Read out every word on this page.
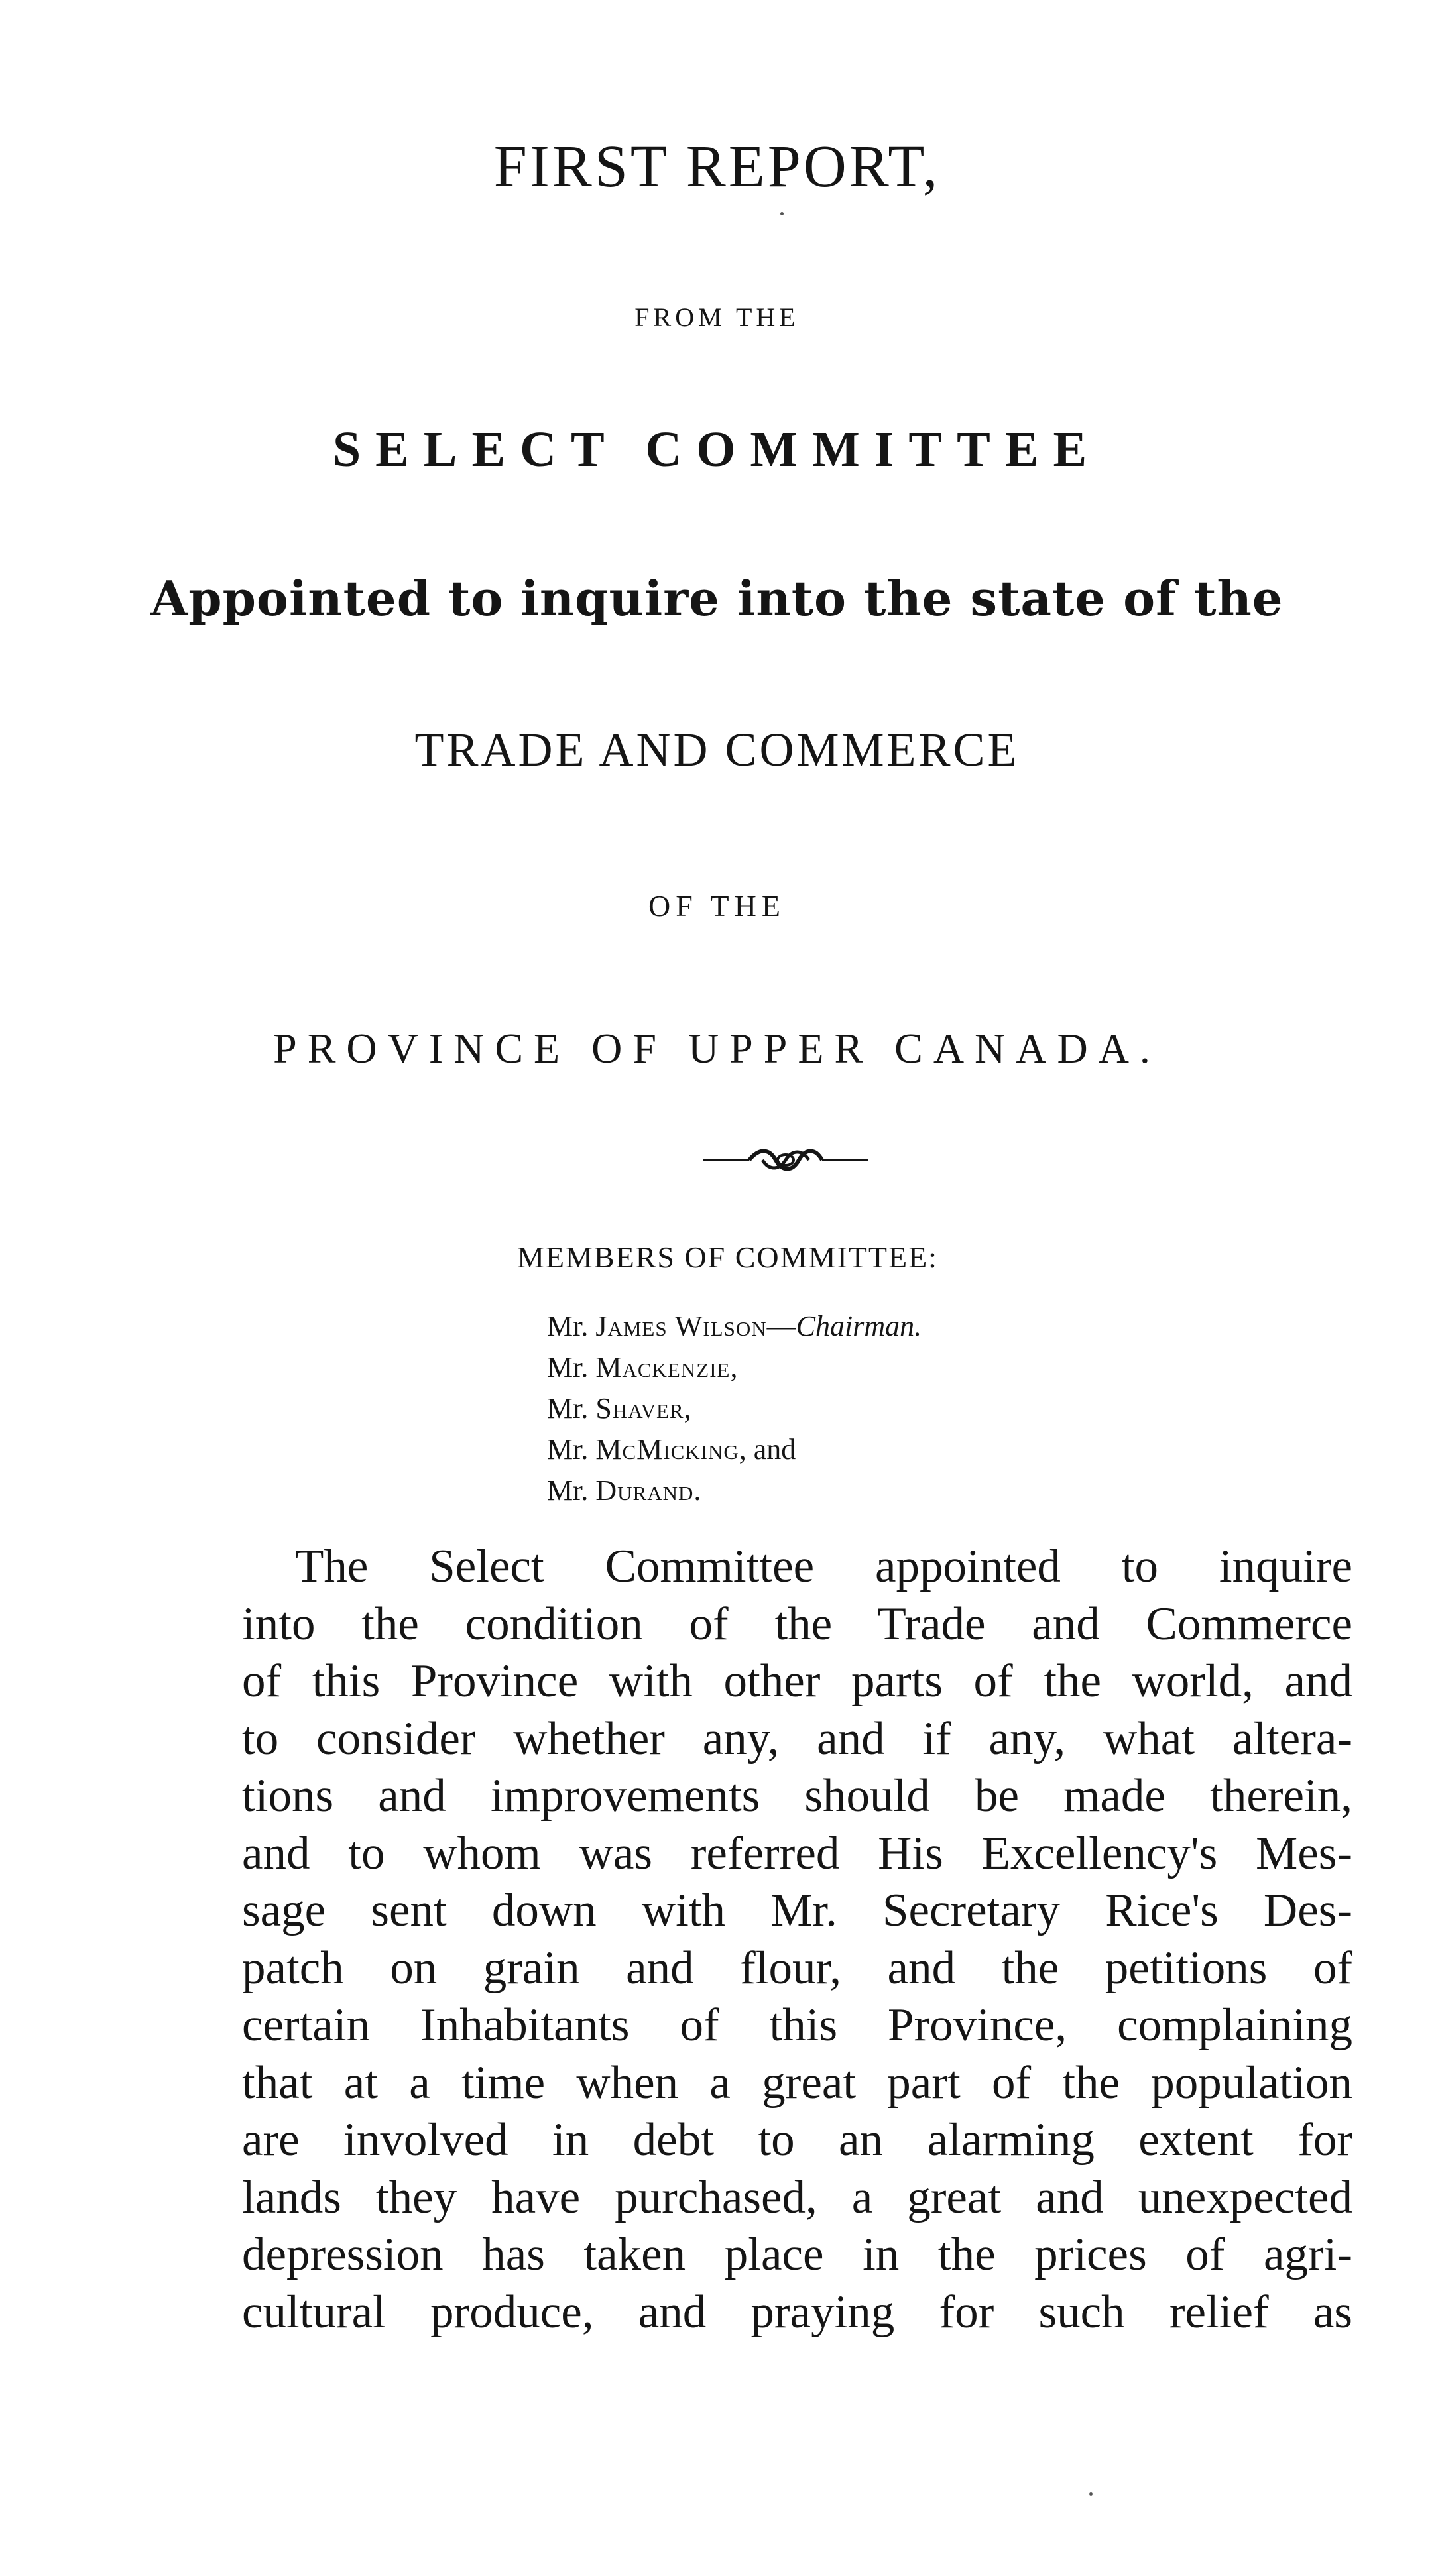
FIRST REPORT,
FROM THE
SELECT COMMITTEE
Appointed to inquire into the state of the
TRADE AND COMMERCE
OF THE
PROVINCE OF UPPER CANADA.
MEMBERS OF COMMITTEE:
Mr. James Wilson—Chairman.
Mr. Mackenzie,
Mr. Shaver,
Mr. McMicking, and
Mr. Durand.
The Select Committee appointed to inquire
into the condition of the Trade and Commerce
of this Province with other parts of the world, and
to consider whether any, and if any, what altera-
tions and improvements should be made therein,
and to whom was referred His Excellency's Mes-
sage sent down with Mr. Secretary Rice's Des-
patch on grain and flour, and the petitions of
certain Inhabitants of this Province, complaining
that at a time when a great part of the population
are involved in debt to an alarming extent for
lands they have purchased, a great and unexpected
depression has taken place in the prices of agri-
cultural produce, and praying for such relief as
